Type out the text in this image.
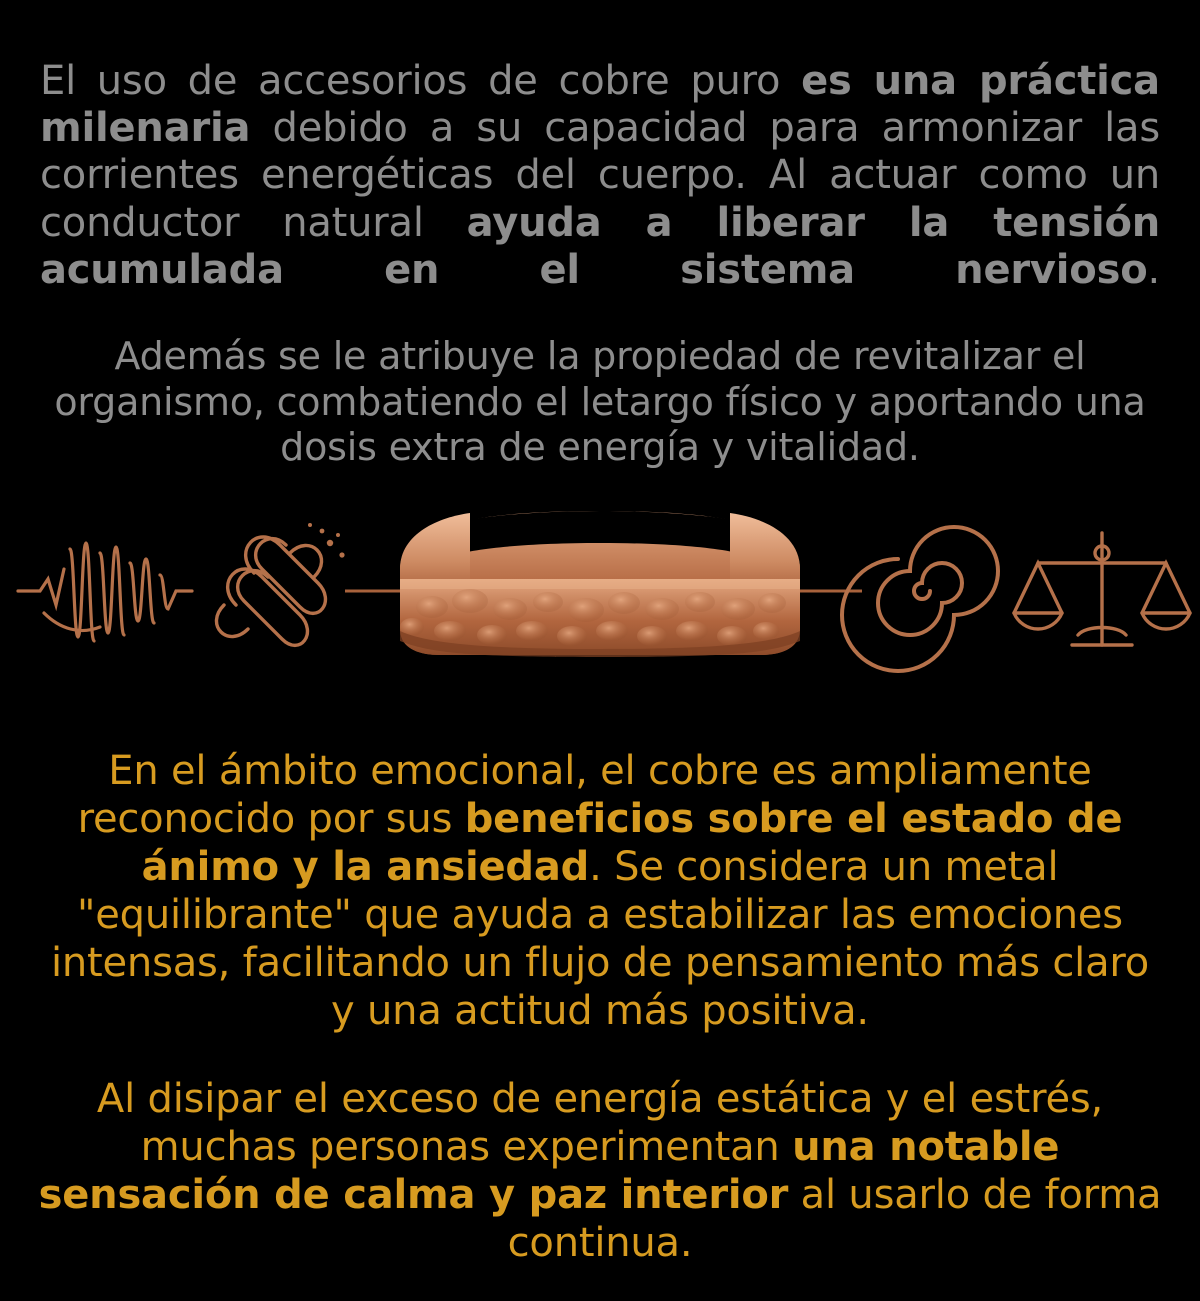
El uso de accesorios de cobre puro es una práctica milenaria debido a su capacidad para armonizar las corrientes energéticas del cuerpo. Al actuar como un conductor natural ayuda a liberar la tensión acumulada en el sistema nervioso.

Además se le atribuye la propiedad de revitalizar el organismo, combatiendo el letargo físico y aportando una dosis extra de energía y vitalidad.

En el ámbito emocional, el cobre es ampliamente reconocido por sus beneficios sobre el estado de ánimo y la ansiedad. Se considera un metal "equilibrante" que ayuda a estabilizar las emociones intensas, facilitando un flujo de pensamiento más claro y una actitud más positiva.

Al disipar el exceso de energía estática y el estrés, muchas personas experimentan una notable sensación de calma y paz interior al usarlo de forma continua.
